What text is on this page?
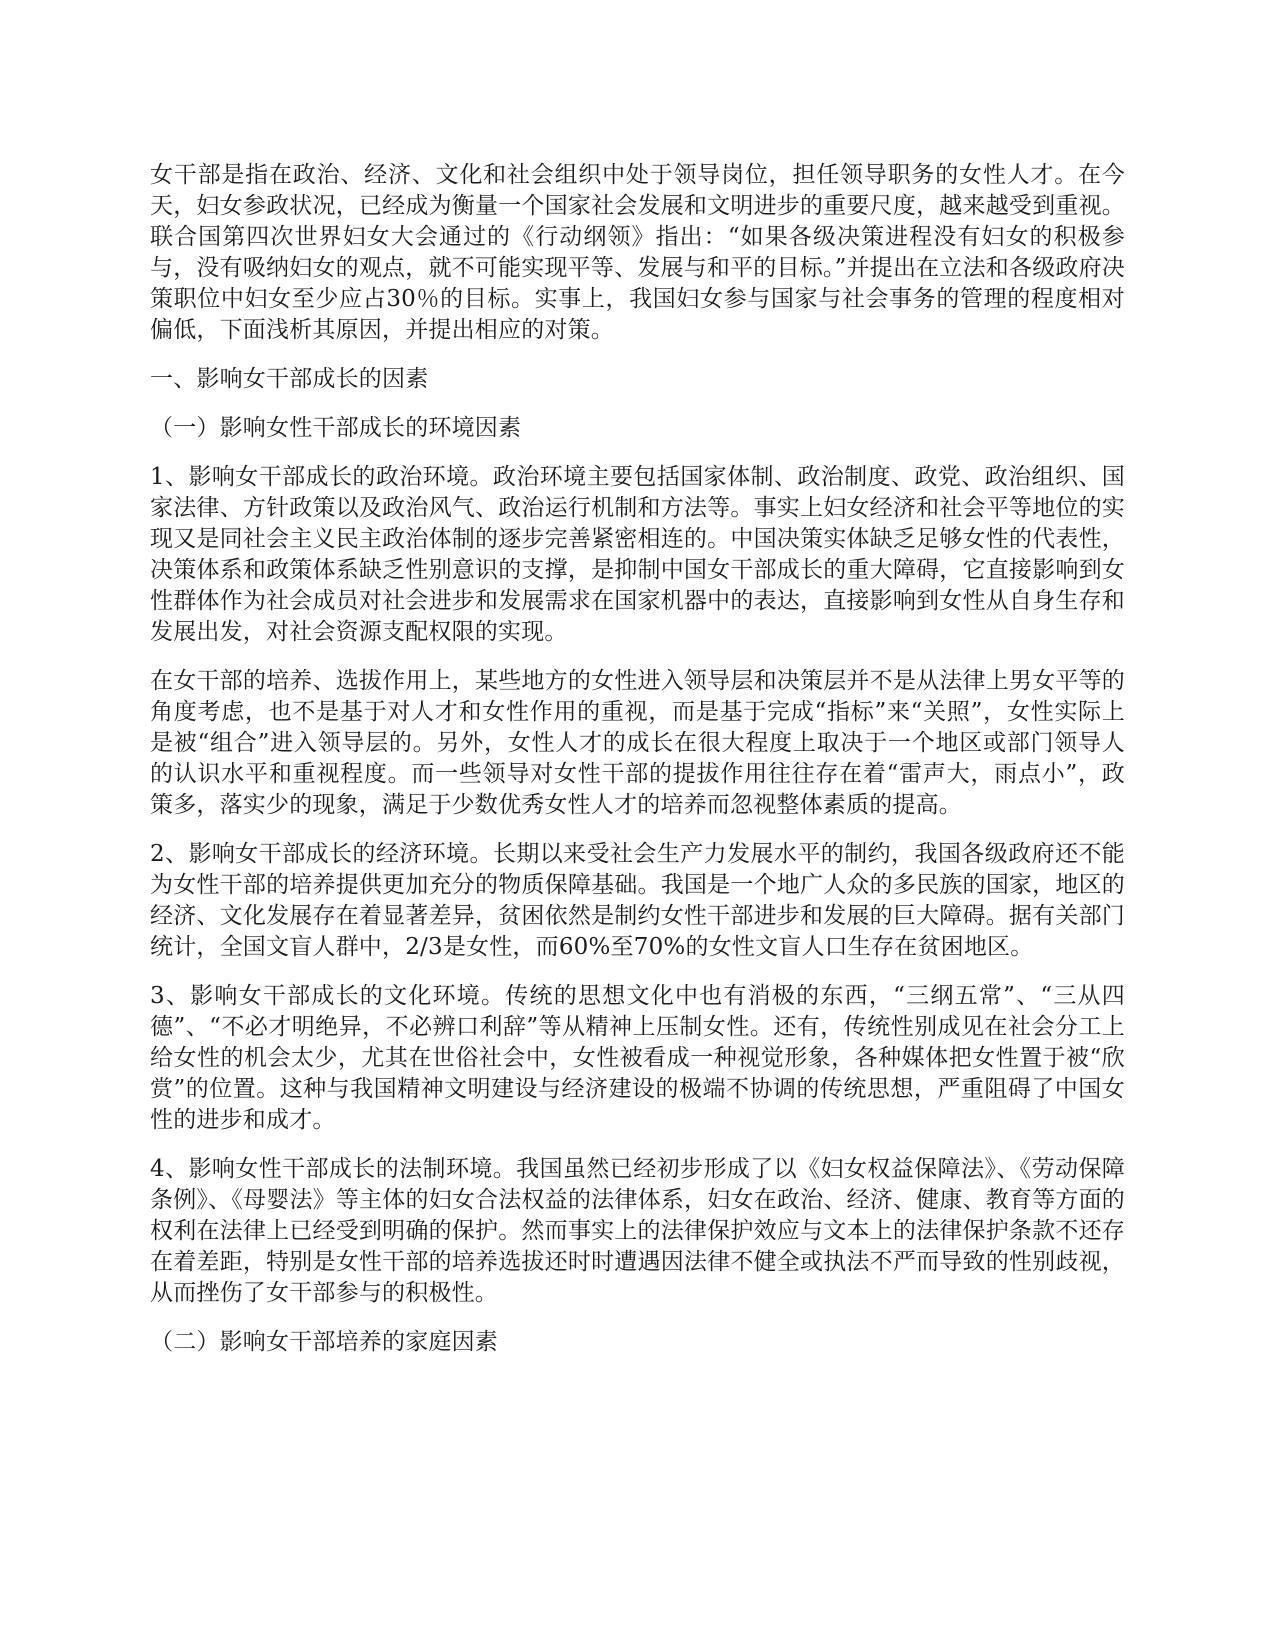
女干部是指在政治、经济、文化和社会组织中处于领导岗位，担任领导职务的女性人才。在今天，妇女参政状况，已经成为衡量一个国家社会发展和文明进步的重要尺度，越来越受到重视。联合国第四次世界妇女大会通过的《行动纲领》指出：“如果各级决策进程没有妇女的积极参与，没有吸纳妇女的观点，就不可能实现平等、发展与和平的目标。”并提出在立法和各级政府决策职位中妇女至少应占30％的目标。实事上，我国妇女参与国家与社会事务的管理的程度相对偏低，下面浅析其原因，并提出相应的对策。

一、影响女干部成长的因素

（一）影响女性干部成长的环境因素

1、影响女干部成长的政治环境。政治环境主要包括国家体制、政治制度、政党、政治组织、国家法律、方针政策以及政治风气、政治运行机制和方法等。事实上妇女经济和社会平等地位的实现又是同社会主义民主政治体制的逐步完善紧密相连的。中国决策实体缺乏足够女性的代表性，决策体系和政策体系缺乏性别意识的支撑，是抑制中国女干部成长的重大障碍，它直接影响到女性群体作为社会成员对社会进步和发展需求在国家机器中的表达，直接影响到女性从自身生存和发展出发，对社会资源支配权限的实现。

在女干部的培养、选拔作用上，某些地方的女性进入领导层和决策层并不是从法律上男女平等的角度考虑，也不是基于对人才和女性作用的重视，而是基于完成“指标”来“关照”，女性实际上是被“组合”进入领导层的。另外，女性人才的成长在很大程度上取决于一个地区或部门领导人的认识水平和重视程度。而一些领导对女性干部的提拔作用往往存在着“雷声大，雨点小”，政策多，落实少的现象，满足于少数优秀女性人才的培养而忽视整体素质的提高。

2、影响女干部成长的经济环境。长期以来受社会生产力发展水平的制约，我国各级政府还不能为女性干部的培养提供更加充分的物质保障基础。我国是一个地广人众的多民族的国家，地区的经济、文化发展存在着显著差异，贫困依然是制约女性干部进步和发展的巨大障碍。据有关部门统计，全国文盲人群中，2/3是女性，而60%至70%的女性文盲人口生存在贫困地区。

3、影响女干部成长的文化环境。传统的思想文化中也有消极的东西，“三纲五常”、“三从四德”、“不必才明绝异，不必辨口利辞”等从精神上压制女性。还有，传统性别成见在社会分工上给女性的机会太少，尤其在世俗社会中，女性被看成一种视觉形象，各种媒体把女性置于被“欣赏”的位置。这种与我国精神文明建设与经济建设的极端不协调的传统思想，严重阻碍了中国女性的进步和成才。

4、影响女性干部成长的法制环境。我国虽然已经初步形成了以《妇女权益保障法》、《劳动保障条例》、《母婴法》等主体的妇女合法权益的法律体系，妇女在政治、经济、健康、教育等方面的权利在法律上已经受到明确的保护。然而事实上的法律保护效应与文本上的法律保护条款不还存在着差距，特别是女性干部的培养选拔还时时遭遇因法律不健全或执法不严而导致的性别歧视，从而挫伤了女干部参与的积极性。

（二）影响女干部培养的家庭因素
